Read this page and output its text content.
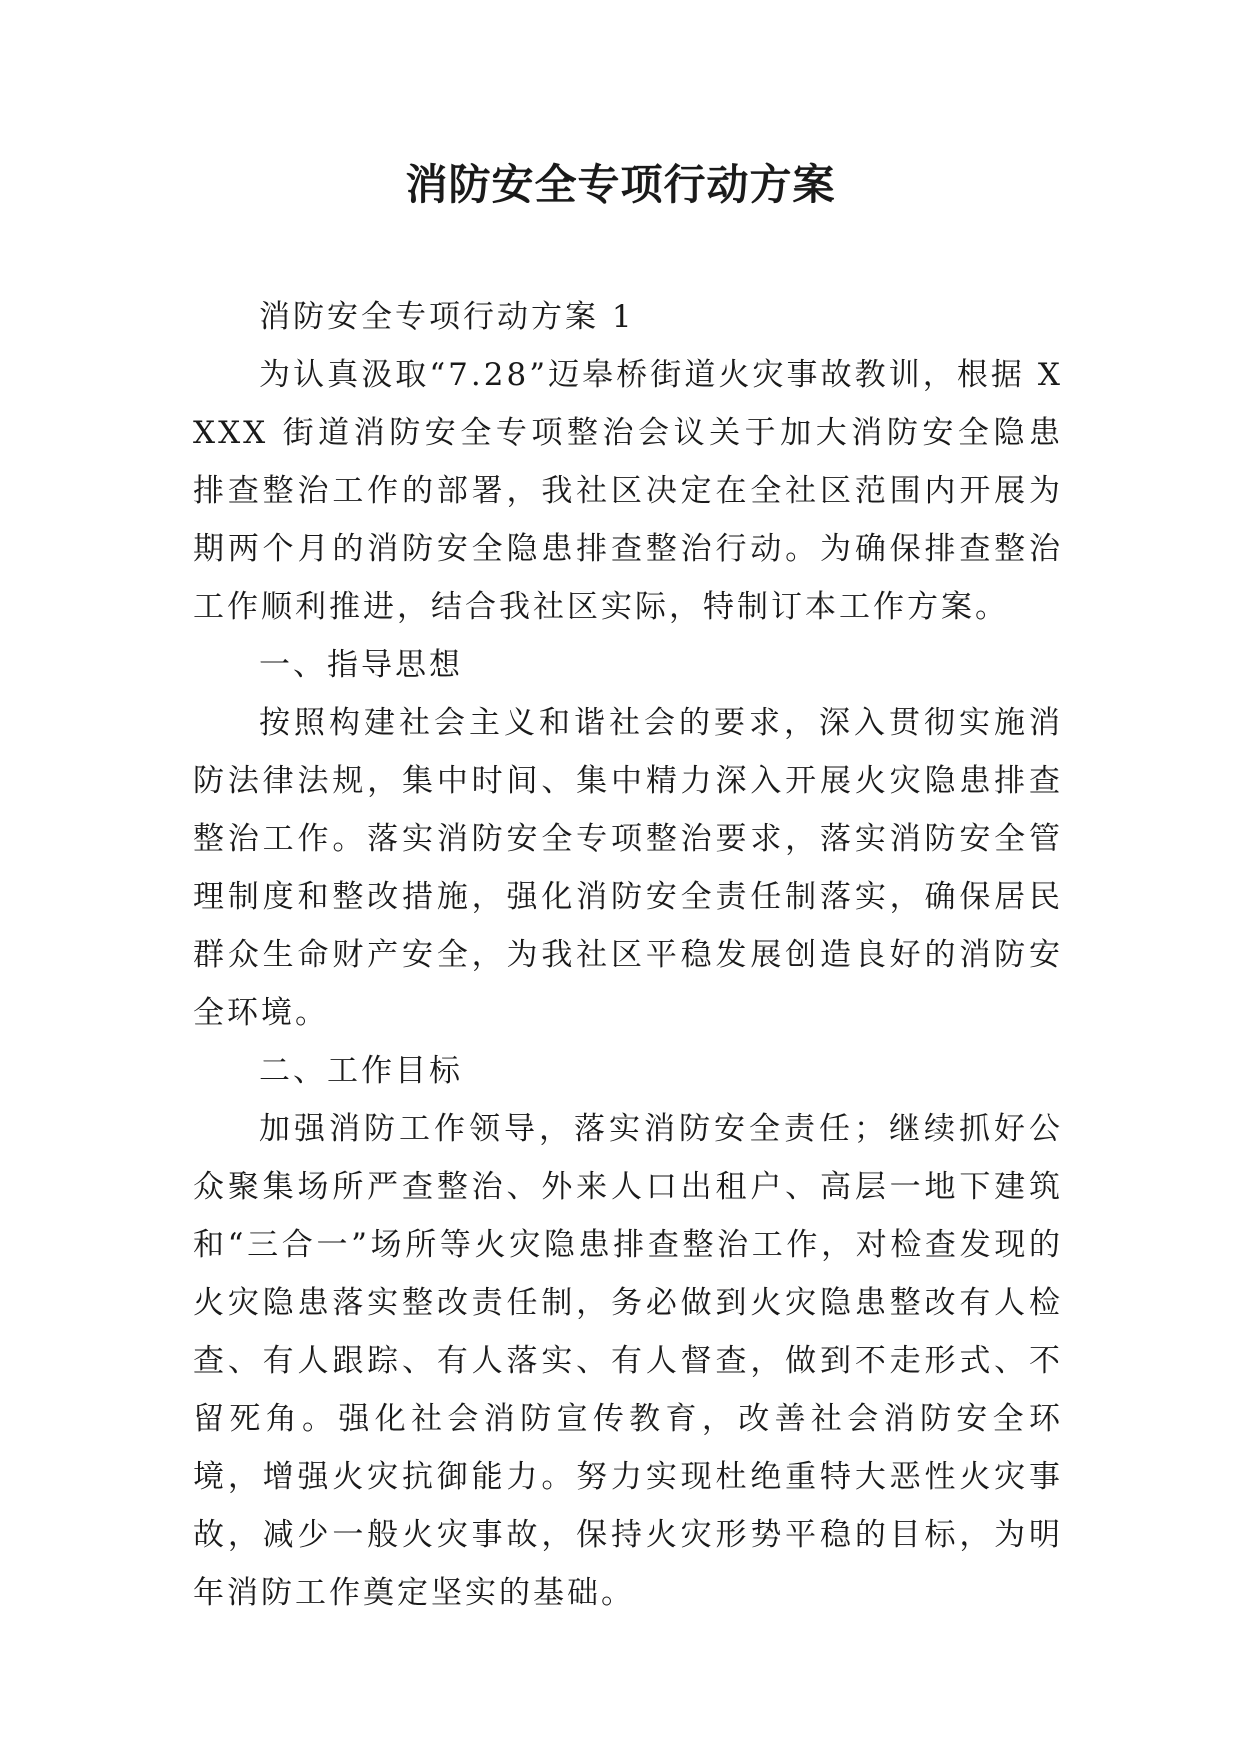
消防安全专项行动方案

消防安全专项行动方案 1

为认真汲取“7.28”迈皋桥街道火灾事故教训，根据 XXXX 街道消防安全专项整治会议关于加大消防安全隐患排查整治工作的部署，我社区决定在全社区范围内开展为期两个月的消防安全隐患排查整治行动。为确保排查整治工作顺利推进，结合我社区实际，特制订本工作方案。

一、指导思想

按照构建社会主义和谐社会的要求，深入贯彻实施消防法律法规，集中时间、集中精力深入开展火灾隐患排查整治工作。落实消防安全专项整治要求，落实消防安全管理制度和整改措施，强化消防安全责任制落实，确保居民群众生命财产安全，为我社区平稳发展创造良好的消防安全环境。

二、工作目标

加强消防工作领导，落实消防安全责任；继续抓好公众聚集场所严查整治、外来人口出租户、高层一地下建筑和“三合一”场所等火灾隐患排查整治工作，对检查发现的火灾隐患落实整改责任制，务必做到火灾隐患整改有人检查、有人跟踪、有人落实、有人督查，做到不走形式、不留死角。强化社会消防宣传教育，改善社会消防安全环境，增强火灾抗御能力。努力实现杜绝重特大恶性火灾事故，减少一般火灾事故，保持火灾形势平稳的目标，为明年消防工作奠定坚实的基础。
